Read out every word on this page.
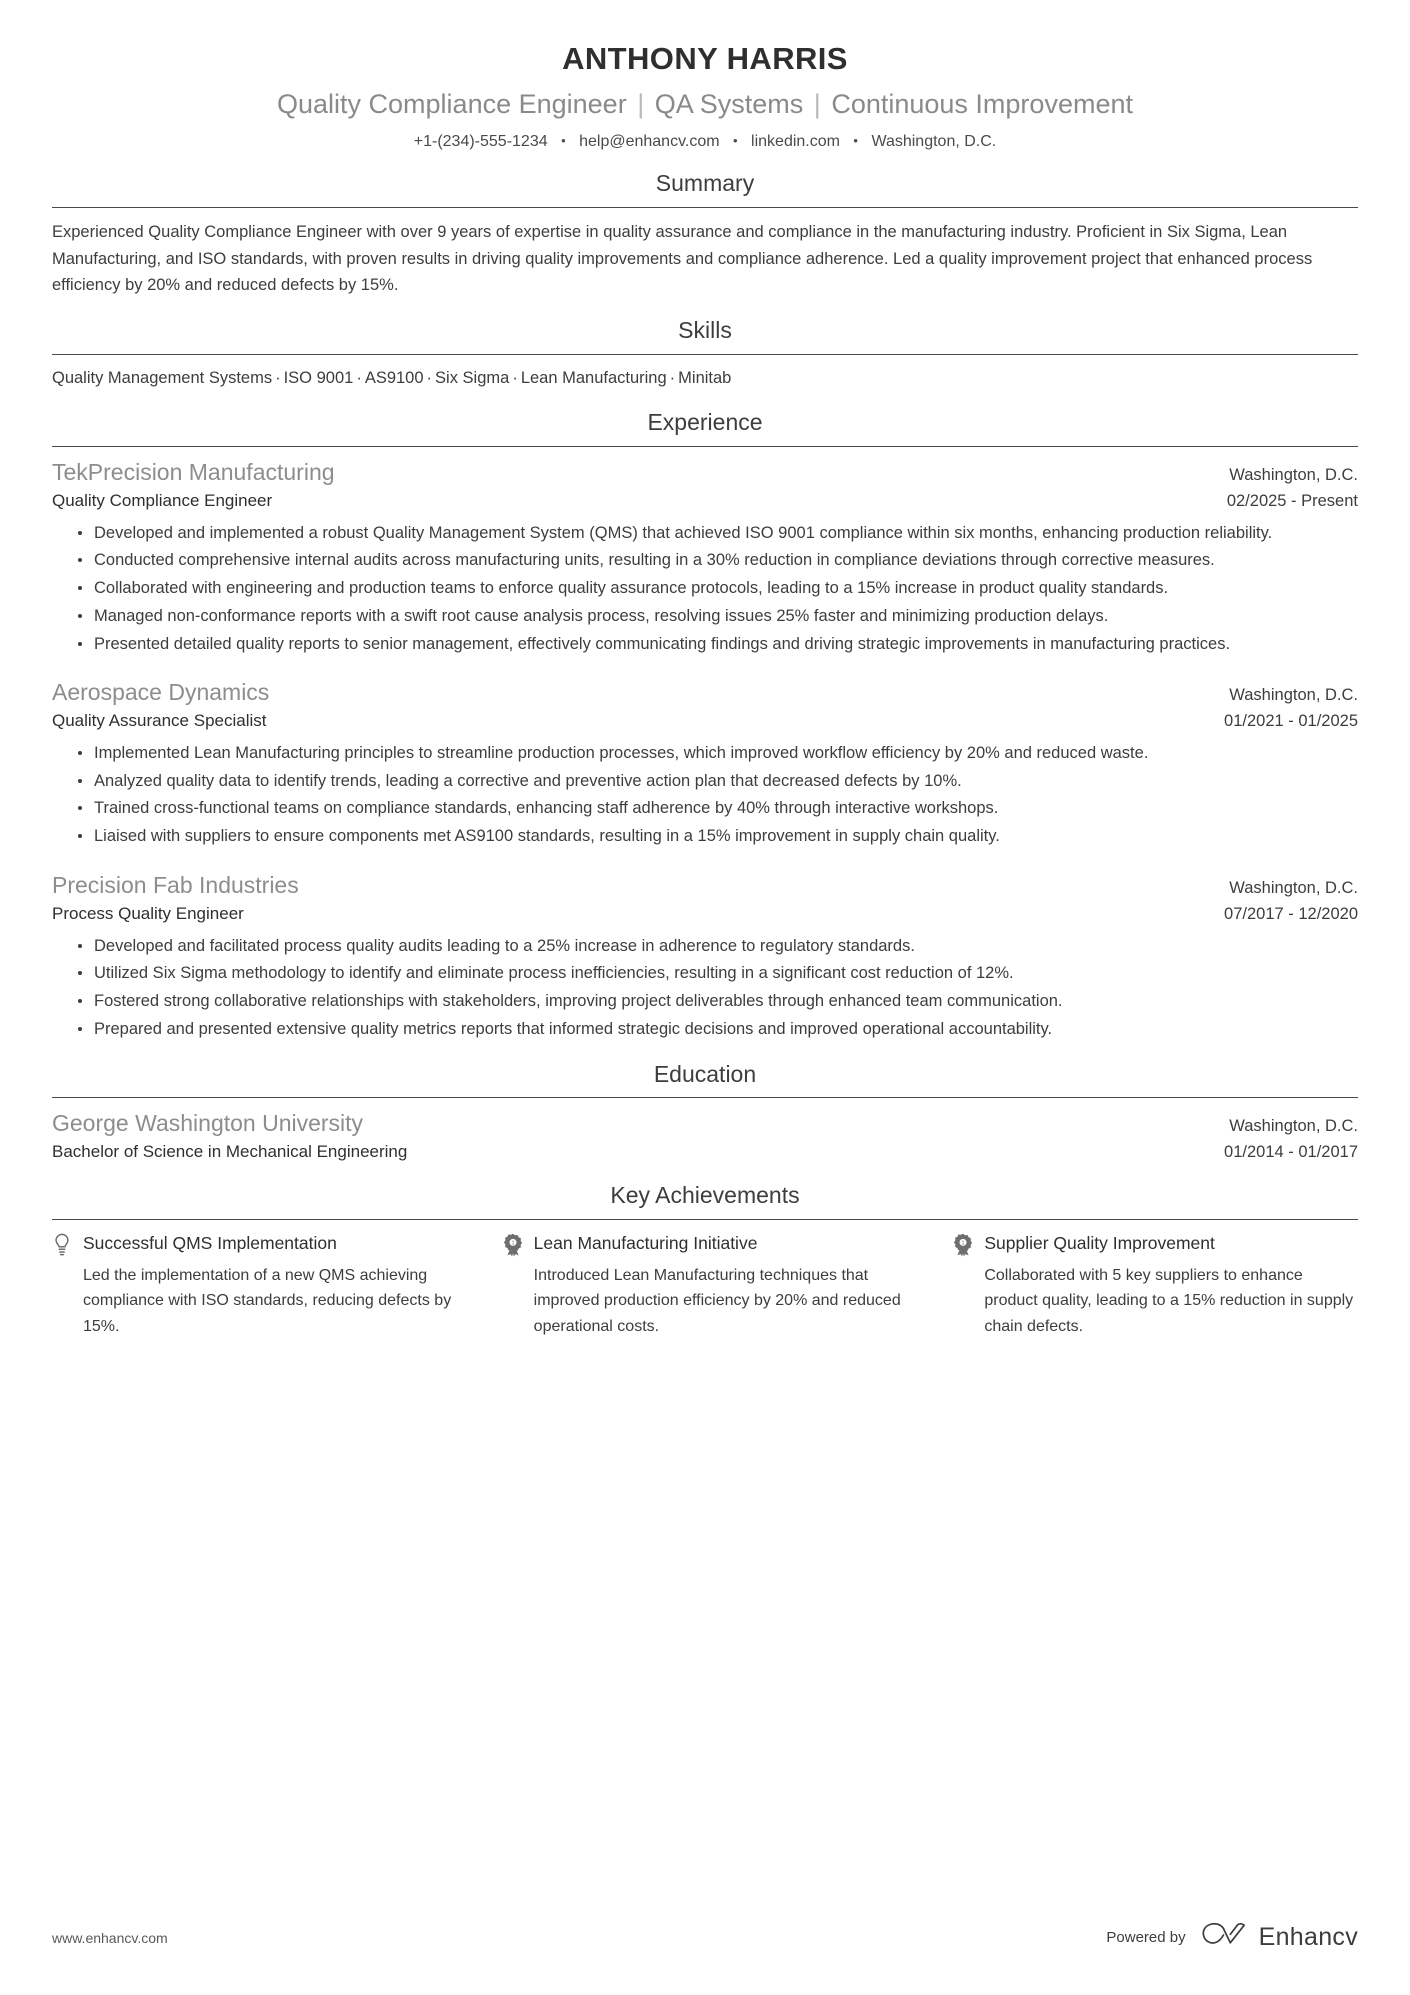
ANTHONY HARRIS
Quality Compliance Engineer | QA Systems | Continuous Improvement
+1-(234)-555-1234 • help@enhancv.com • linkedin.com • Washington, D.C.
Summary

Experienced Quality Compliance Engineer with over 9 years of expertise in quality assurance and compliance in the manufacturing industry. Proficient in Six Sigma, Lean Manufacturing, and ISO standards, with proven results in driving quality improvements and compliance adherence. Led a quality improvement project that enhanced process efficiency by 20% and reduced defects by 15%.

Skills
Quality Management Systems · ISO 9001 · AS9100 · Six Sigma · Lean Manufacturing · Minitab
Experience
TekPrecision Manufacturing	Washington, D.C.
Quality Compliance Engineer	02/2025 - Present
Developed and implemented a robust Quality Management System (QMS) that achieved ISO 9001 compliance within six months, enhancing production reliability.
Conducted comprehensive internal audits across manufacturing units, resulting in a 30% reduction in compliance deviations through corrective measures.
Collaborated with engineering and production teams to enforce quality assurance protocols, leading to a 15% increase in product quality standards.
Managed non-conformance reports with a swift root cause analysis process, resolving issues 25% faster and minimizing production delays.
Presented detailed quality reports to senior management, effectively communicating findings and driving strategic improvements in manufacturing practices.
Aerospace Dynamics	Washington, D.C.
Quality Assurance Specialist	01/2021 - 01/2025
Implemented Lean Manufacturing principles to streamline production processes, which improved workflow efficiency by 20% and reduced waste.
Analyzed quality data to identify trends, leading a corrective and preventive action plan that decreased defects by 10%.
Trained cross-functional teams on compliance standards, enhancing staff adherence by 40% through interactive workshops.
Liaised with suppliers to ensure components met AS9100 standards, resulting in a 15% improvement in supply chain quality.
Precision Fab Industries	Washington, D.C.
Process Quality Engineer	07/2017 - 12/2020
Developed and facilitated process quality audits leading to a 25% increase in adherence to regulatory standards.
Utilized Six Sigma methodology to identify and eliminate process inefficiencies, resulting in a significant cost reduction of 12%.
Fostered strong collaborative relationships with stakeholders, improving project deliverables through enhanced team communication.
Prepared and presented extensive quality metrics reports that informed strategic decisions and improved operational accountability.
Education
George Washington University	Washington, D.C.
Bachelor of Science in Mechanical Engineering	01/2014 - 01/2017
Key Achievements
Successful QMS Implementation
Led the implementation of a new QMS achieving compliance with ISO standards, reducing defects by 15%.
1 Lean Manufacturing Initiative
Introduced Lean Manufacturing techniques that improved production efficiency by 20% and reduced operational costs.
1 Supplier Quality Improvement
Collaborated with 5 key suppliers to enhance product quality, leading to a 15% reduction in supply chain defects.
www.enhancv.com	Powered by	Enhancv
